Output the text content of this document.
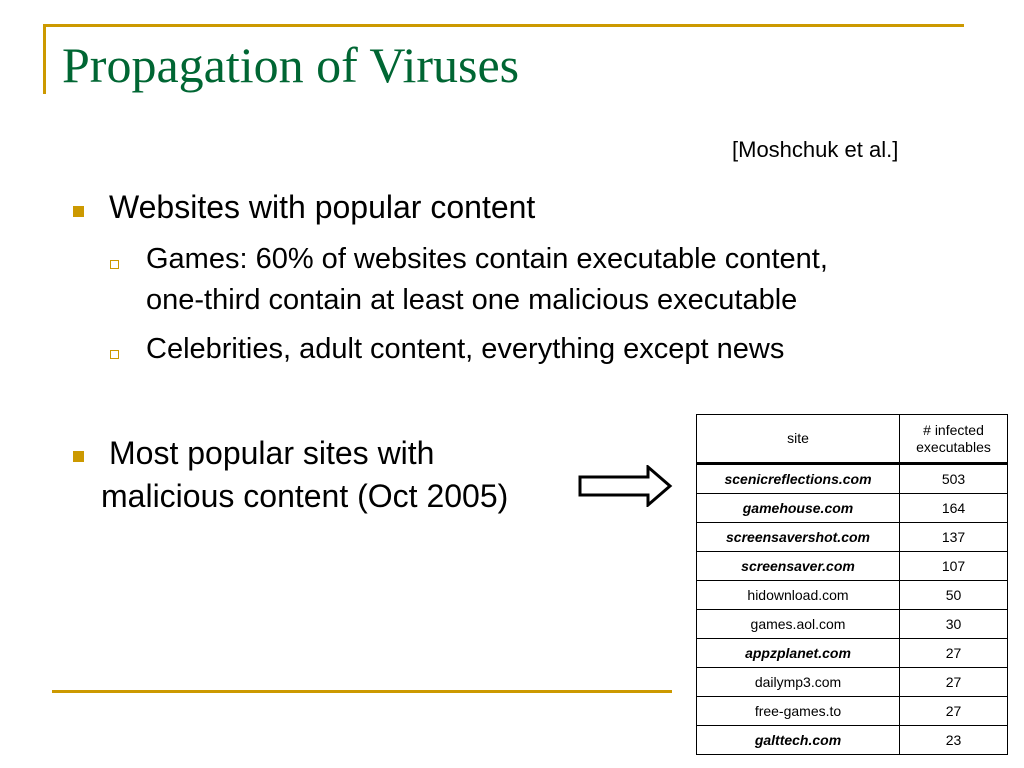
Propagation of Viruses
[Moshchuk et al.]
Websites with popular content
Games: 60% of websites contain executable content,
one-third contain at least one malicious executable
Celebrities, adult content, everything except news
Most popular sites with
malicious content (Oct 2005)
site	# infected
executables
scenicreflections.com	503
gamehouse.com	164
screensavershot.com	137
screensaver.com	107
hidownload.com	50
games.aol.com	30
appzplanet.com	27
dailymp3.com	27
free-games.to	27
galttech.com	23
